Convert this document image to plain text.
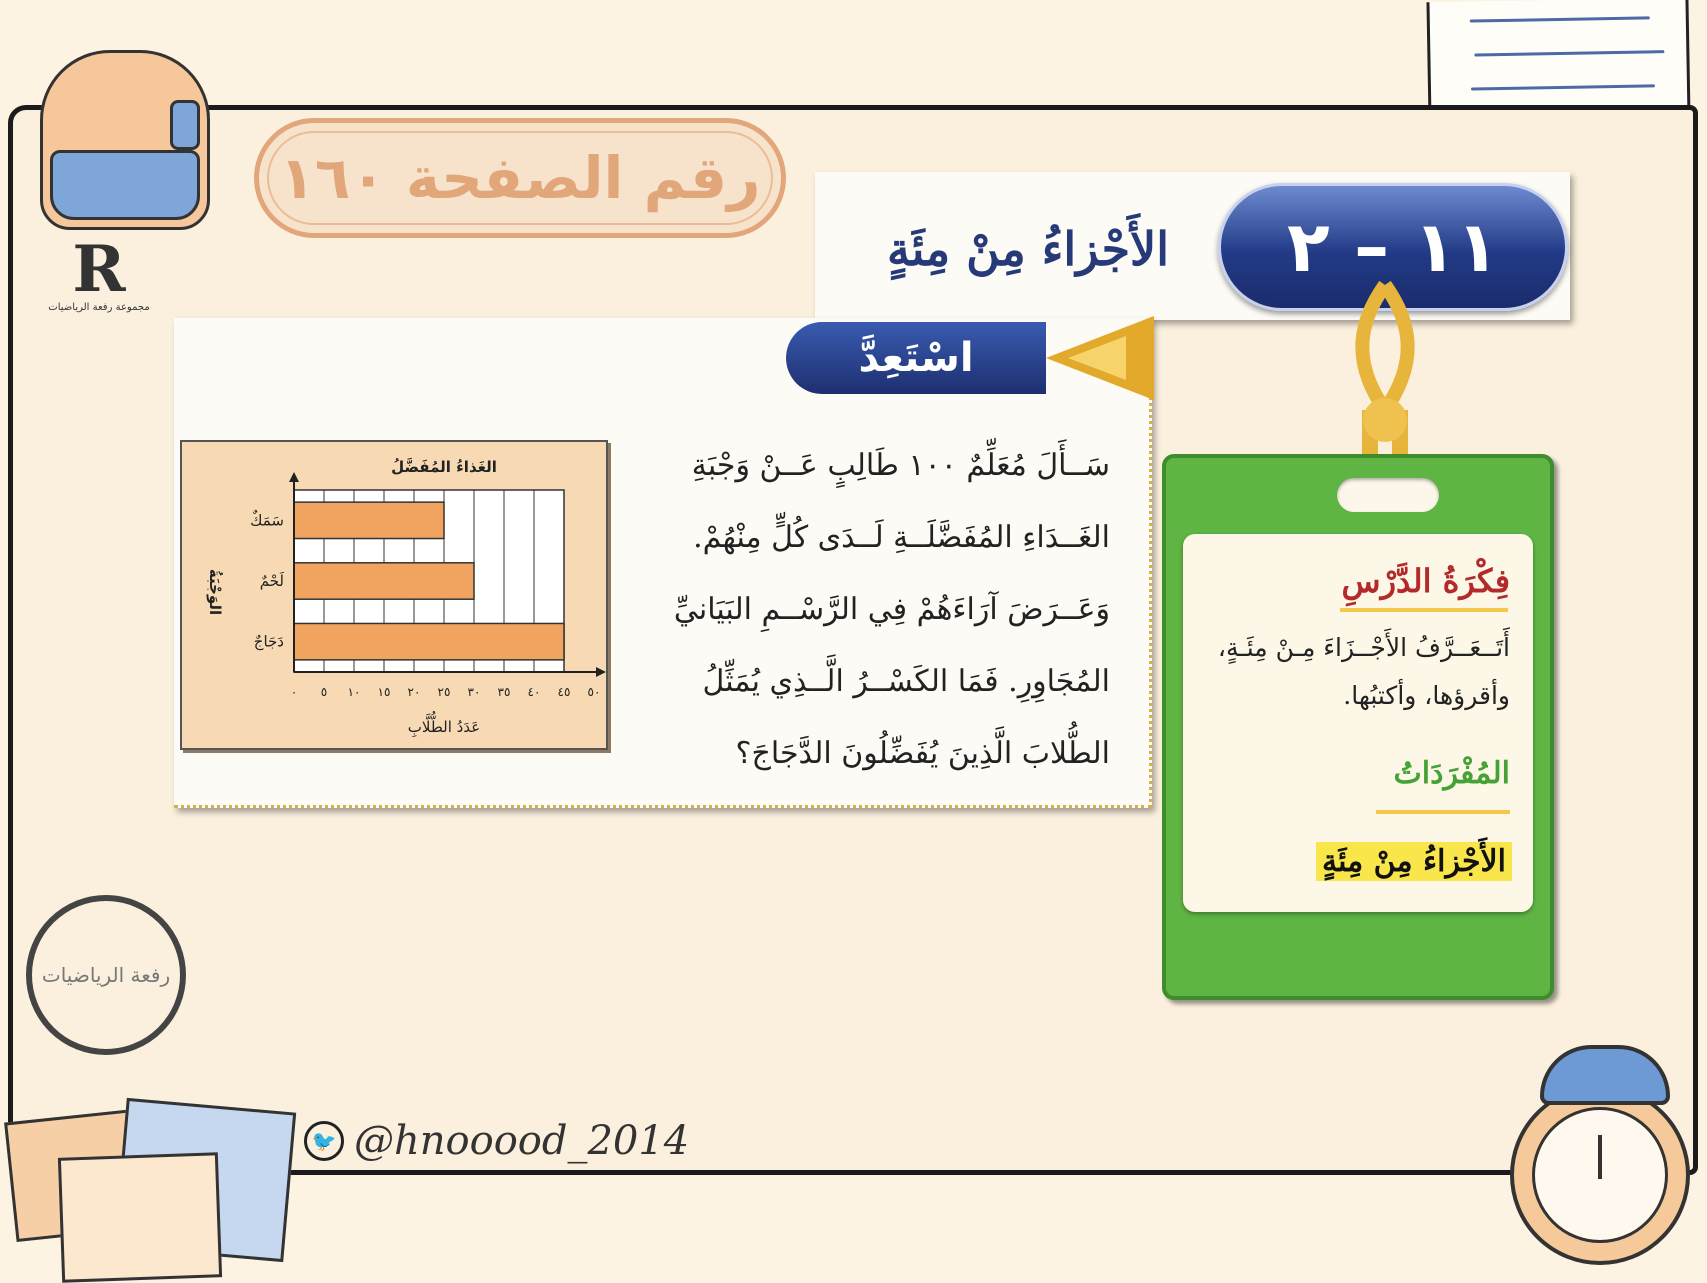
R
مجموعة رفعة الرياضيات
رقم الصفحة ١٦٠
الأَجْزاءُ مِنْ مِئَةٍ	١١ – ٢
اسْتَعِدَّ

سَــأَلَ مُعَلِّمٌ ١٠٠ طَالِبٍ عَــنْ وَجْبَةِ

الغَــدَاءِ المُفَضَّلَــةِ لَــدَى كُلٍّ مِنْهُمْ.

وَعَــرَضَ آرَاءَهُمْ فِي الرَّسْــمِ البَيَانيِّ

المُجَاوِرِ. فَمَا الكَسْــرُ الَّــذِي يُمَثِّلُ

الطُّلابَ الَّذِينَ يُفَضِّلُونَ الدَّجَاجَ؟

الغَذاءُ المُفَضَّلُ
عَدَدُ الطُّلَّابِ
الوَجْبَةُ
سَمَكٌ
لَحْمٌ
دَجَاجٌ
٠ ٥ ١٠ ١٥ ٢٠ ٢٥ ٣٠ ٣٥ ٤٠ ٤٥ ٥٠
فِكْرَةُ الدَّرْسِ
أَتَــعَــرَّفُ الأَجْــزَاءَ مِـنْ مِئَـةٍ، وأقرؤها، وأكتبُها.
المُفْرَدَاتُ
الأَجْزاءُ مِنْ مِئَةٍ
رفعة الرياضيات
🐦 @hnooood_2014
